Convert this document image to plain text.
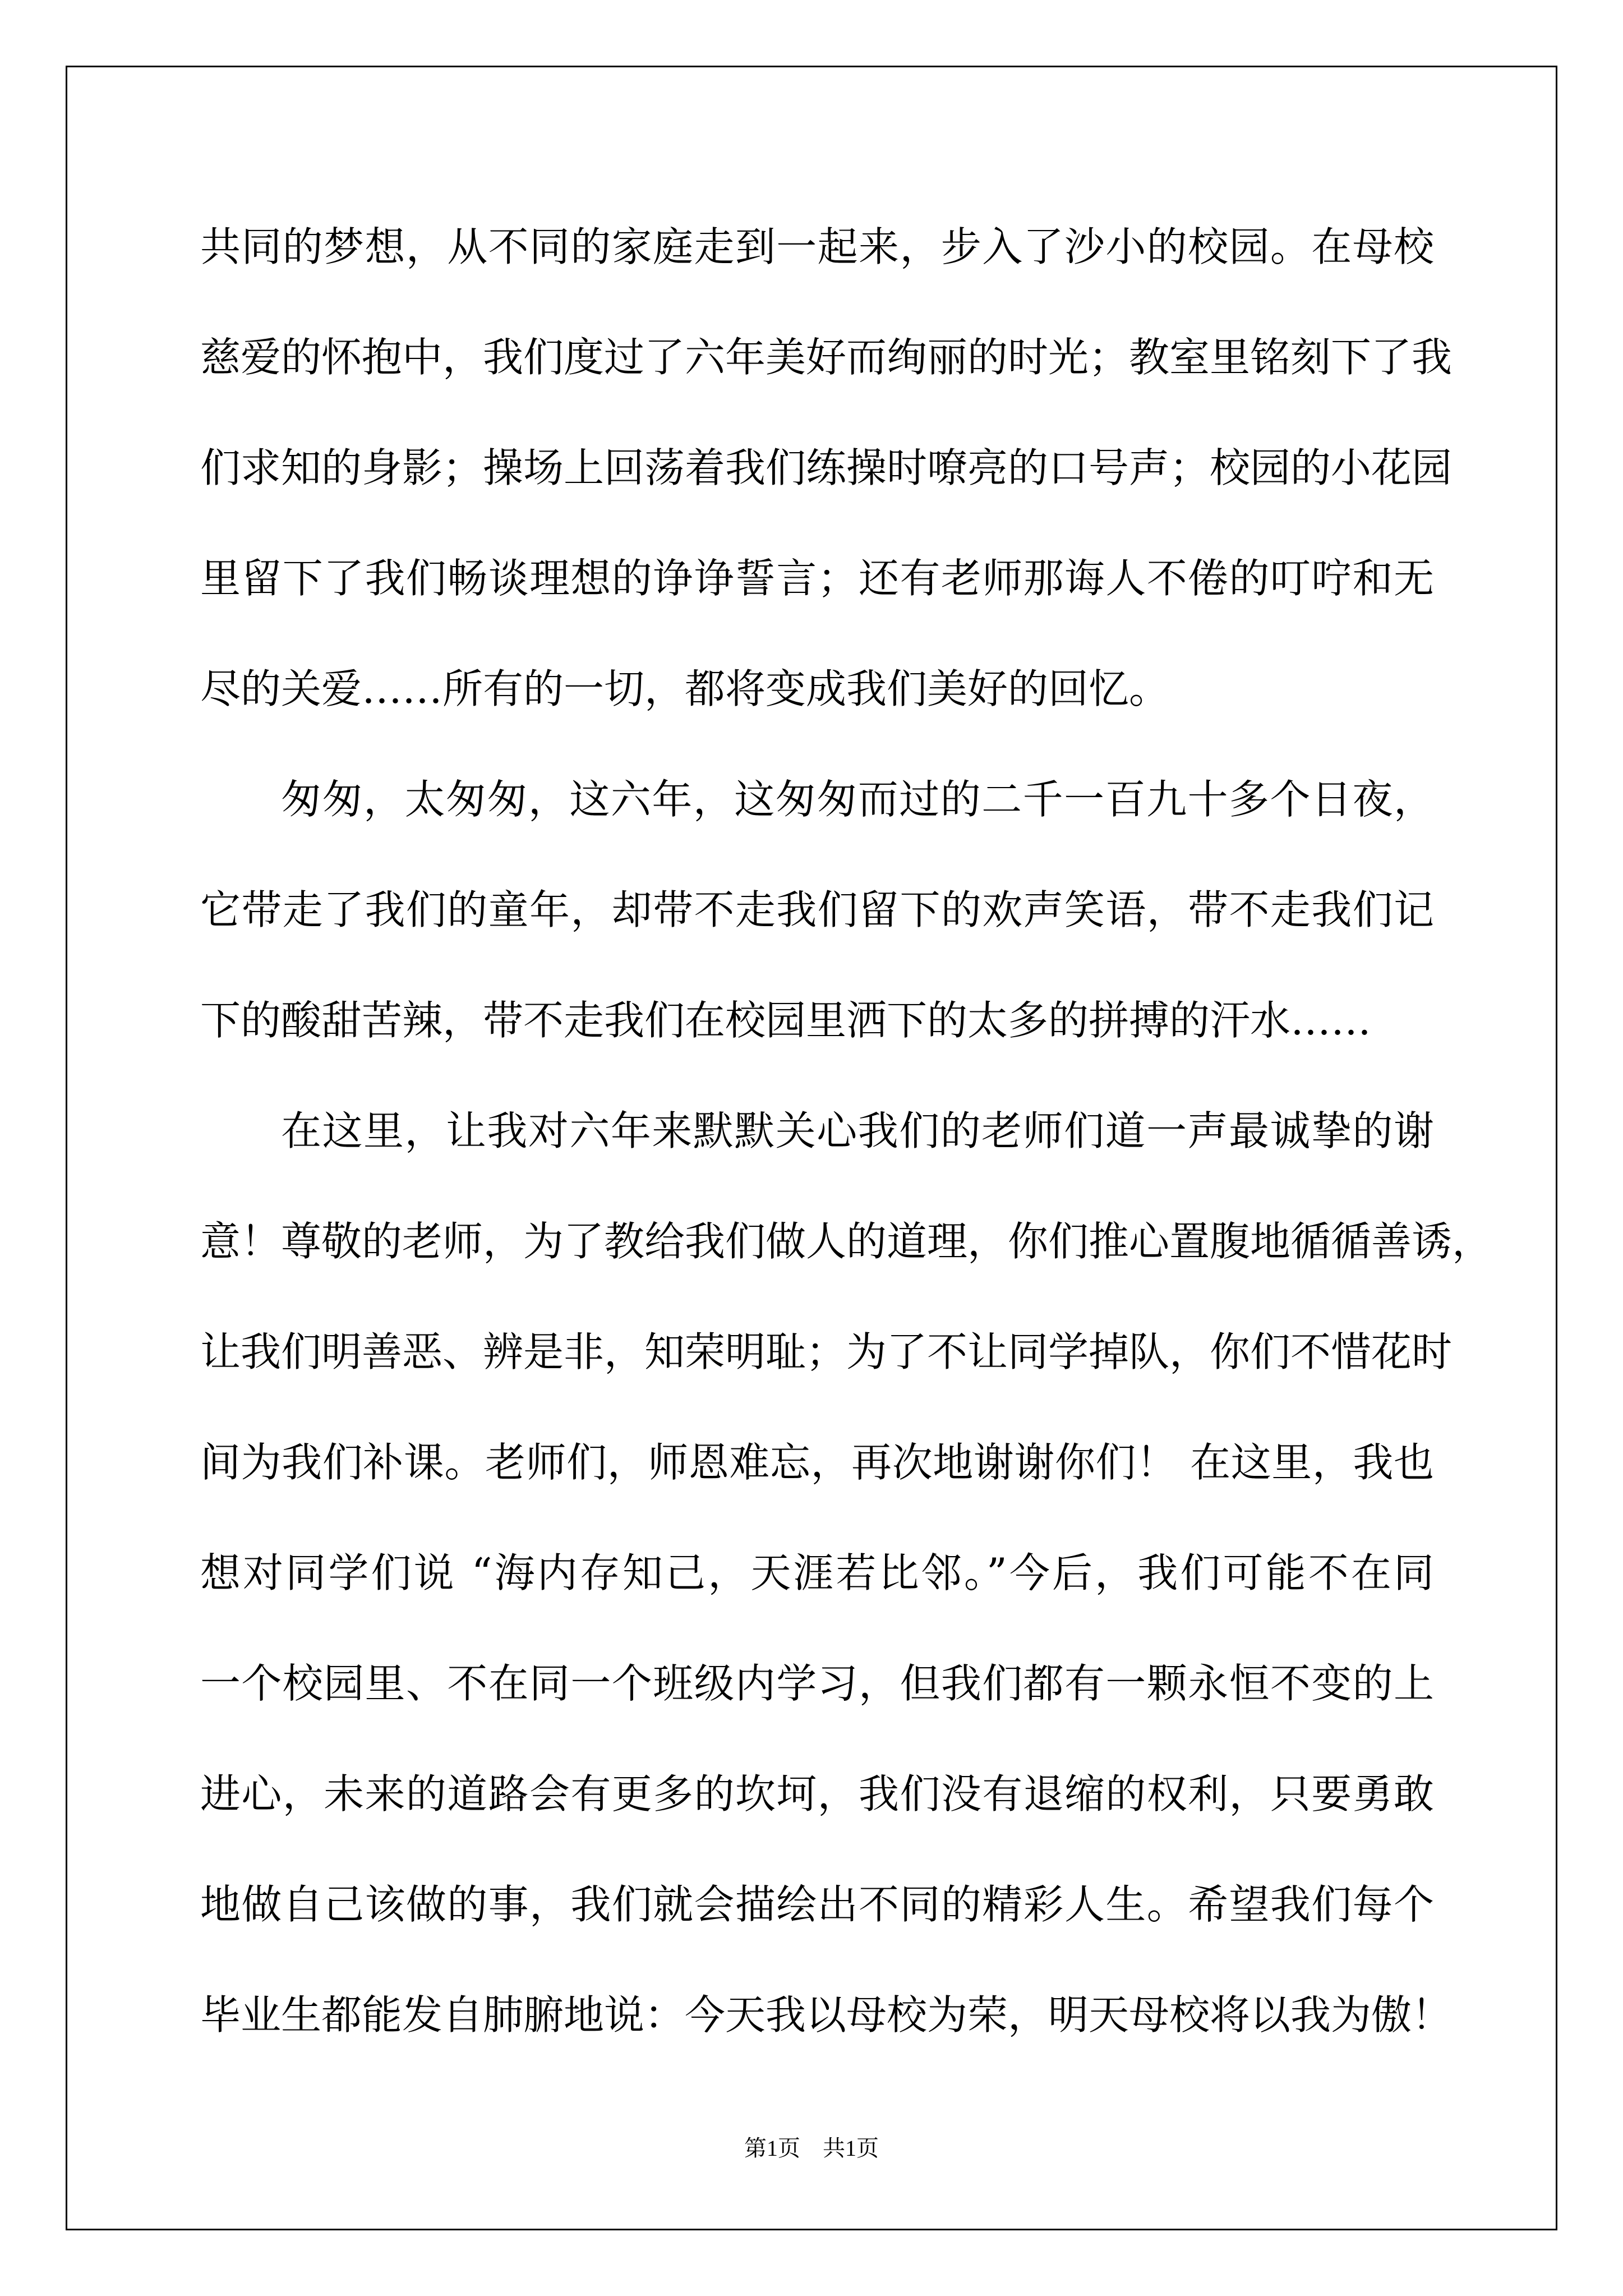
共同的梦想，从不同的家庭走到一起来，步入了沙小的校园。在母校
慈爱的怀抱中，我们度过了六年美好而绚丽的时光；教室里铭刻下了我
们求知的身影；操场上回荡着我们练操时嘹亮的口号声；校园的小花园
里留下了我们畅谈理想的诤诤誓言；还有老师那诲人不倦的叮咛和无
尽的关爱……所有的一切，都将变成我们美好的回忆。
匆匆，太匆匆，这六年，这匆匆而过的二千一百九十多个日夜，
它带走了我们的童年，却带不走我们留下的欢声笑语，带不走我们记
下的酸甜苦辣，带不走我们在校园里洒下的太多的拼搏的汗水……
在这里，让我对六年来默默关心我们的老师们道一声最诚挚的谢
意！尊敬的老师，为了教给我们做人的道理，你们推心置腹地循循善诱，
让我们明善恶、辨是非，知荣明耻；为了不让同学掉队，你们不惜花时
间为我们补课。老师们，师恩难忘，再次地谢谢你们！ 在这里，我也
想对同学们说 “海内存知己，天涯若比邻。”今后，我们可能不在同
一个校园里、不在同一个班级内学习，但我们都有一颗永恒不变的上
进心，未来的道路会有更多的坎坷，我们没有退缩的权利，只要勇敢
地做自己该做的事，我们就会描绘出不同的精彩人生。希望我们每个
毕业生都能发自肺腑地说：今天我以母校为荣，明天母校将以我为傲！
第1页　共1页
